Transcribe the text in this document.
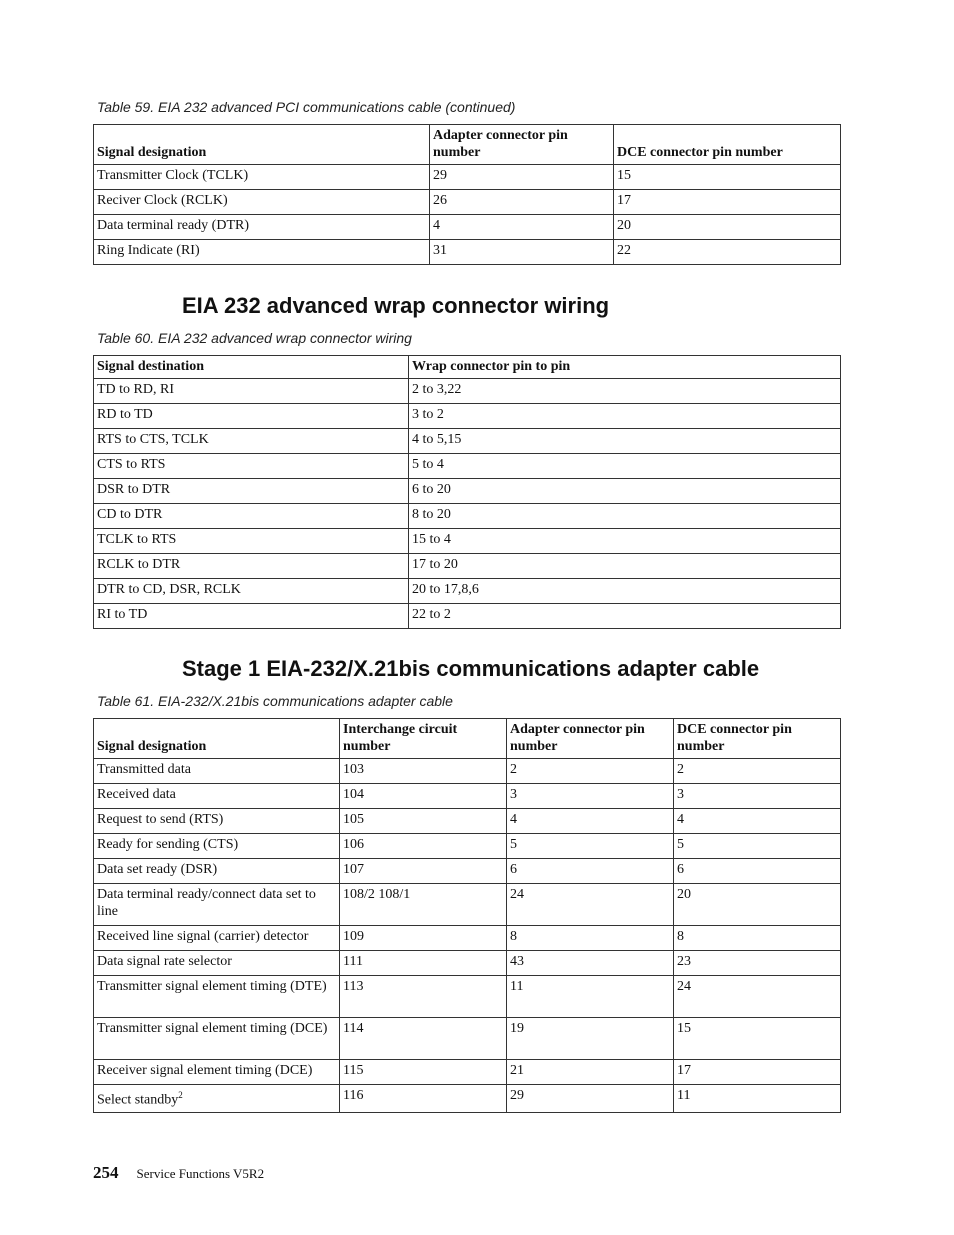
Table 59. EIA 232 advanced PCI communications cable (continued)
Signal designation	Adapter connector pin number	DCE connector pin number
Transmitter Clock (TCLK)	29	15
Reciver Clock (RCLK)	26	17
Data terminal ready (DTR)	4	20
Ring Indicate (RI)	31	22
EIA 232 advanced wrap connector wiring
Table 60. EIA 232 advanced wrap connector wiring
Signal destination	Wrap connector pin to pin
TD to RD, RI	2 to 3,22
RD to TD	3 to 2
RTS to CTS, TCLK	4 to 5,15
CTS to RTS	5 to 4
DSR to DTR	6 to 20
CD to DTR	8 to 20
TCLK to RTS	15 to 4
RCLK to DTR	17 to 20
DTR to CD, DSR, RCLK	20 to 17,8,6
RI to TD	22 to 2
Stage 1 EIA-232/X.21bis communications adapter cable
Table 61. EIA-232/X.21bis communications adapter cable
Signal designation	Interchange circuit number	Adapter connector pin number	DCE connector pin number
Transmitted data	103	2	2
Received data	104	3	3
Request to send (RTS)	105	4	4
Ready for sending (CTS)	106	5	5
Data set ready (DSR)	107	6	6
Data terminal ready/connect data set to line	108/2 108/1	24	20
Received line signal (carrier) detector	109	8	8
Data signal rate selector	111	43	23
Transmitter signal element timing (DTE)	113	11	24
Transmitter signal element timing (DCE)	114	19	15
Receiver signal element timing (DCE)	115	21	17
Select standby$^2$	116	29	11
254 Service Functions V5R2
